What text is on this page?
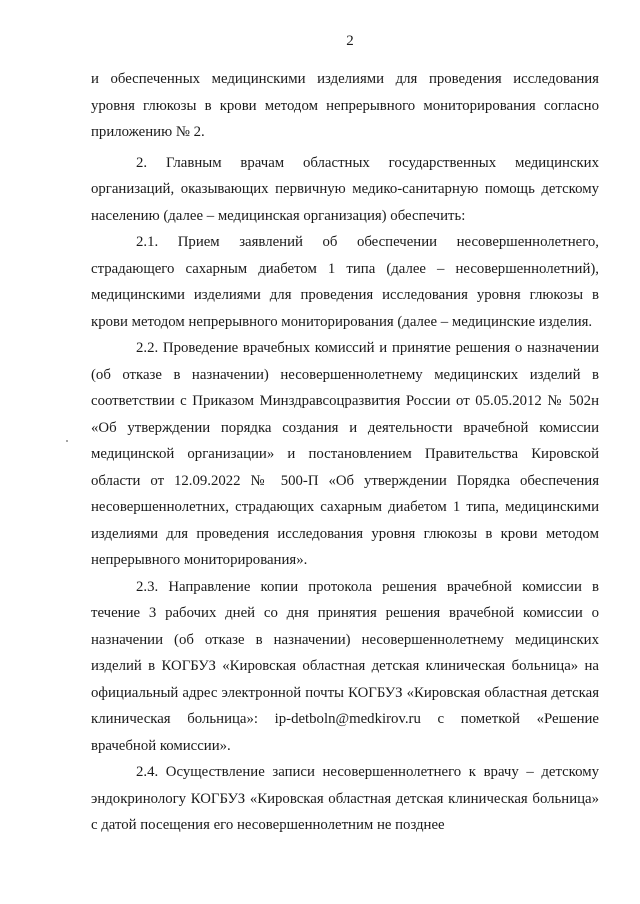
2

и обеспеченных медицинскими изделиями для проведения исследования уровня глюкозы в крови методом непрерывного мониторирования согласно приложению № 2.

2. Главным врачам областных государственных медицинских организаций, оказывающих первичную медико-санитарную помощь детскому населению (далее – медицинская организация) обеспечить:

2.1. Прием заявлений об обеспечении несовершеннолетнего, страдающего сахарным диабетом 1 типа (далее – несовершеннолетний), медицинскими изделиями для проведения исследования уровня глюкозы в крови методом непрерывного мониторирования (далее – медицинские изделия.

2.2. Проведение врачебных комиссий и принятие решения о назначении (об отказе в назначении) несовершеннолетнему медицинских изделий в соответствии с Приказом Минздравсоцразвития России от 05.05.2012 № 502н «Об утверждении порядка создания и деятельности врачебной комиссии медицинской организации» и постановлением Правительства Кировской области от 12.09.2022 № 500-П «Об утверждении Порядка обеспечения несовершеннолетних, страдающих сахарным диабетом 1 типа, медицинскими изделиями для проведения исследования уровня глюкозы в крови методом непрерывного мониторирования».

2.3. Направление копии протокола решения врачебной комиссии в течение 3 рабочих дней со дня принятия решения врачебной комиссии о назначении (об отказе в назначении) несовершеннолетнему медицинских изделий в КОГБУЗ «Кировская областная детская клиническая больница» на официальный адрес электронной почты КОГБУЗ «Кировская областная детская клиническая больница»: ip-detboln@medkirov.ru с пометкой «Решение врачебной комиссии».

2.4. Осуществление записи несовершеннолетнего к врачу – детскому эндокринологу КОГБУЗ «Кировская областная детская клиническая больница» с датой посещения его несовершеннолетним не позднее
